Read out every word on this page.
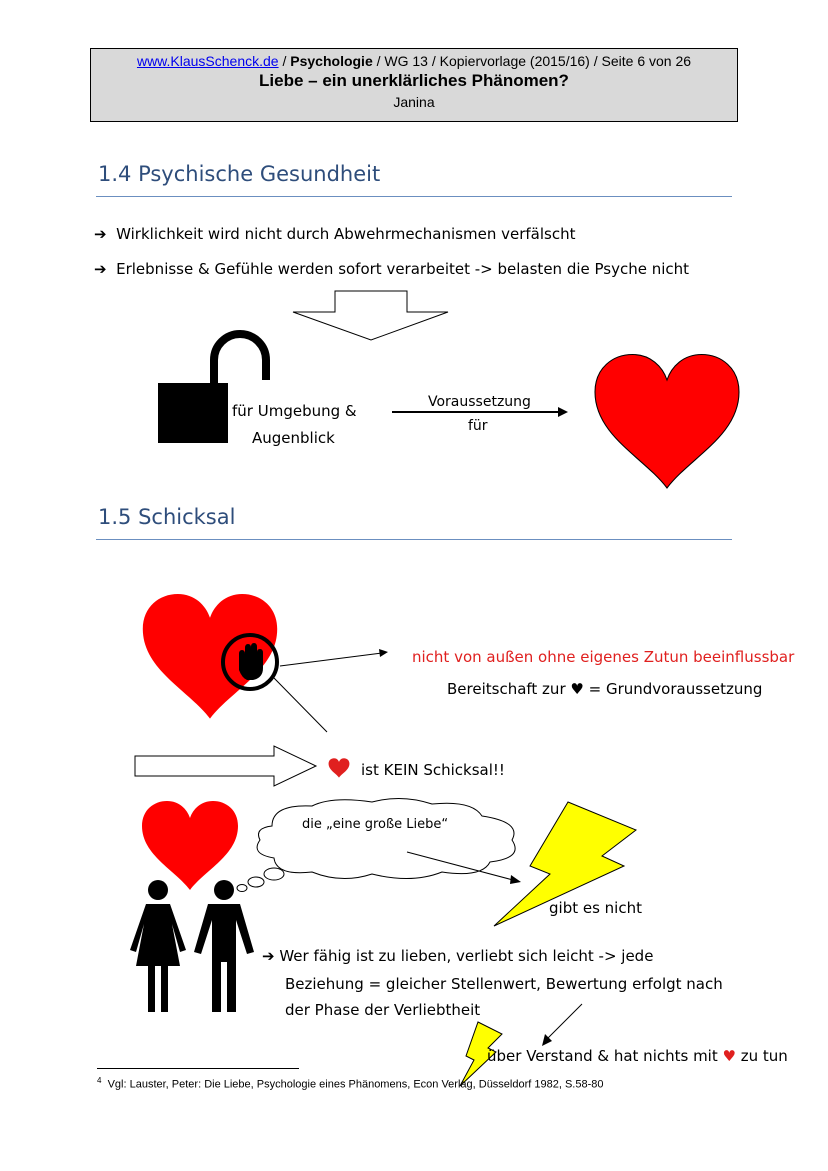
www.KlausSchenck.de / Psychologie / WG 13 / Kopiervorlage (2015/16) / Seite 6 von 26
Liebe – ein unerklärliches Phänomen?
Janina
1.4 Psychische Gesundheit
➔ Wirklichkeit wird nicht durch Abwehrmechanismen verfälscht
➔ Erlebnisse & Gefühle werden sofort verarbeitet -> belasten die Psyche nicht
für Umgebung &
Augenblick
Voraussetzung
für
1.5 Schicksal
nicht von außen ohne eigenes Zutun beeinflussbar
Bereitschaft zur ♥ = Grundvoraussetzung
ist KEIN Schicksal!!
die „eine große Liebe“
gibt es nicht
➔ Wer fähig ist zu lieben, verliebt sich leicht -> jede
Beziehung = gleicher Stellenwert, Bewertung erfolgt nach
der Phase der Verliebtheit
über Verstand & hat nichts mit ♥ zu tun
$^4$ Vgl: Lauster, Peter: Die Liebe, Psychologie eines Phänomens, Econ Verlag, Düsseldorf 1982, S.58-80
